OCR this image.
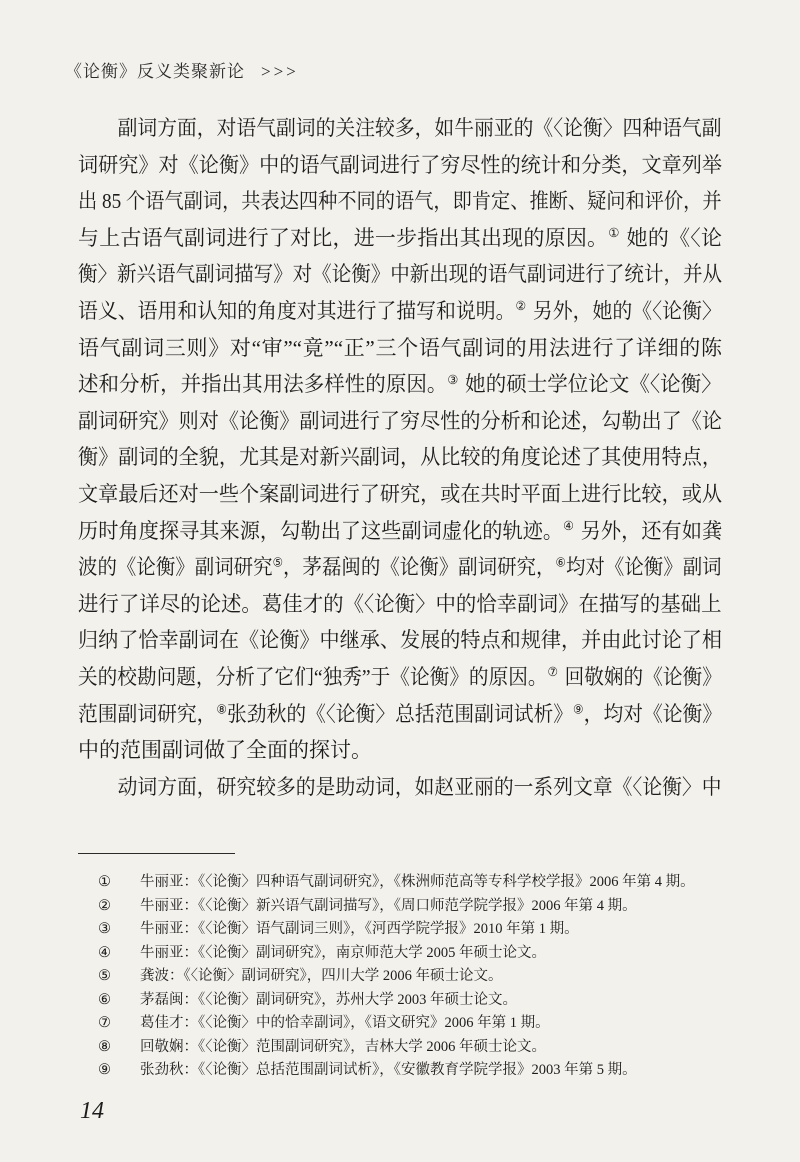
《论衡》反义类聚新论 >>>
副词方面，对语气副词的关注较多，如牛丽亚的《〈论衡〉四种语气副
词研究》对《论衡》中的语气副词进行了穷尽性的统计和分类，文章列举
出 85 个语气副词，共表达四种不同的语气，即肯定、推断、疑问和评价，并
与上古语气副词进行了对比，进一步指出其出现的原因。① 她的《〈论
衡〉新兴语气副词描写》对《论衡》中新出现的语气副词进行了统计，并从
语义、语用和认知的角度对其进行了描写和说明。② 另外，她的《〈论衡〉
语气副词三则》对“审”“竟”“正”三个语气副词的用法进行了详细的陈
述和分析，并指出其用法多样性的原因。③ 她的硕士学位论文《〈论衡〉
副词研究》则对《论衡》副词进行了穷尽性的分析和论述，勾勒出了《论
衡》副词的全貌，尤其是对新兴副词，从比较的角度论述了其使用特点，
文章最后还对一些个案副词进行了研究，或在共时平面上进行比较，或从
历时角度探寻其来源，勾勒出了这些副词虚化的轨迹。④ 另外，还有如龚
波的《论衡》副词研究⑤，茅磊闽的《论衡》副词研究，⑥均对《论衡》副词
进行了详尽的论述。葛佳才的《〈论衡〉中的恰幸副词》在描写的基础上
归纳了恰幸副词在《论衡》中继承、发展的特点和规律，并由此讨论了相
关的校勘问题，分析了它们“独秀”于《论衡》的原因。⑦ 回敬娴的《论衡》
范围副词研究，⑧张劲秋的《〈论衡〉总括范围副词试析》⑨，均对《论衡》
中的范围副词做了全面的探讨。
动词方面，研究较多的是助动词，如赵亚丽的一系列文章《〈论衡〉中
① 牛丽亚：《〈论衡〉四种语气副词研究》，《株洲师范高等专科学校学报》2006 年第 4 期。
② 牛丽亚：《〈论衡〉新兴语气副词描写》，《周口师范学院学报》2006 年第 4 期。
③ 牛丽亚：《〈论衡〉语气副词三则》，《河西学院学报》2010 年第 1 期。
④ 牛丽亚：《〈论衡〉副词研究》，南京师范大学 2005 年硕士论文。
⑤ 龚波：《〈论衡〉副词研究》，四川大学 2006 年硕士论文。
⑥ 茅磊闽：《〈论衡〉副词研究》，苏州大学 2003 年硕士论文。
⑦ 葛佳才：《〈论衡〉中的恰幸副词》，《语文研究》2006 年第 1 期。
⑧ 回敬娴：《〈论衡〉范围副词研究》，吉林大学 2006 年硕士论文。
⑨ 张劲秋：《〈论衡〉总括范围副词试析》，《安徽教育学院学报》2003 年第 5 期。
14
